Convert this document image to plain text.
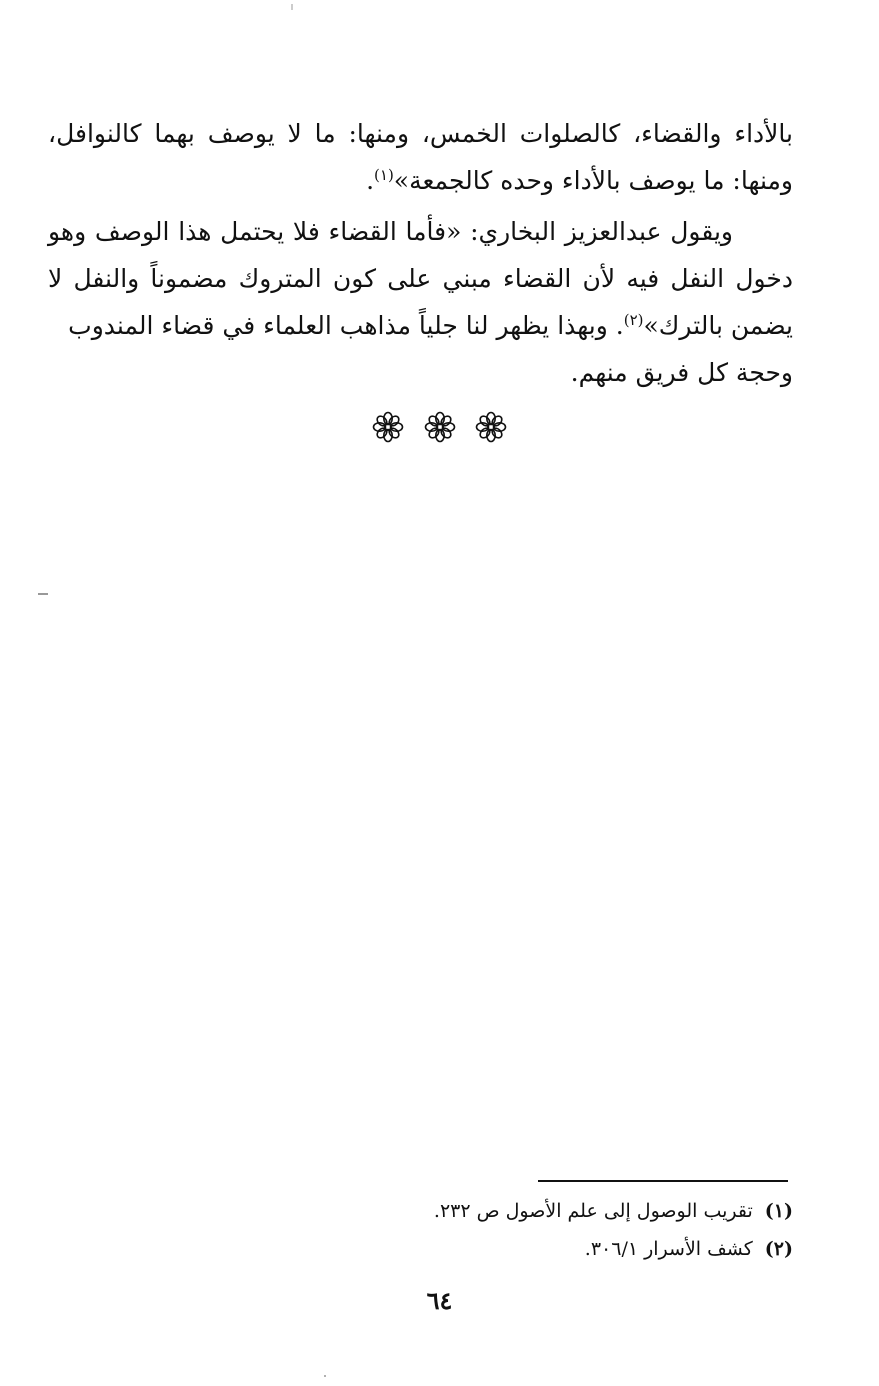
بالأداء والقضاء، كالصلوات الخمس، ومنها: ما لا يوصف بهما كالنوافل،
ومنها: ما يوصف بالأداء وحده كالجمعة»$^{(١)}$.
ويقول عبدالعزيز البخاري: «فأما القضاء فلا يحتمل هذا الوصف وهو
دخول النفل فيه لأن القضاء مبني على كون المتروك مضموناً والنفل لا
يضمن بالترك»$^{(٢)}$. وبهذا يظهر لنا جلياً مذاهب العلماء في قضاء المندوب
وحجة كل فريق منهم.

(١)تقريب الوصول إلى علم الأصول ص ٢٣٢.
(٢)كشف الأسرار ٣٠٦/١.
٦٤
